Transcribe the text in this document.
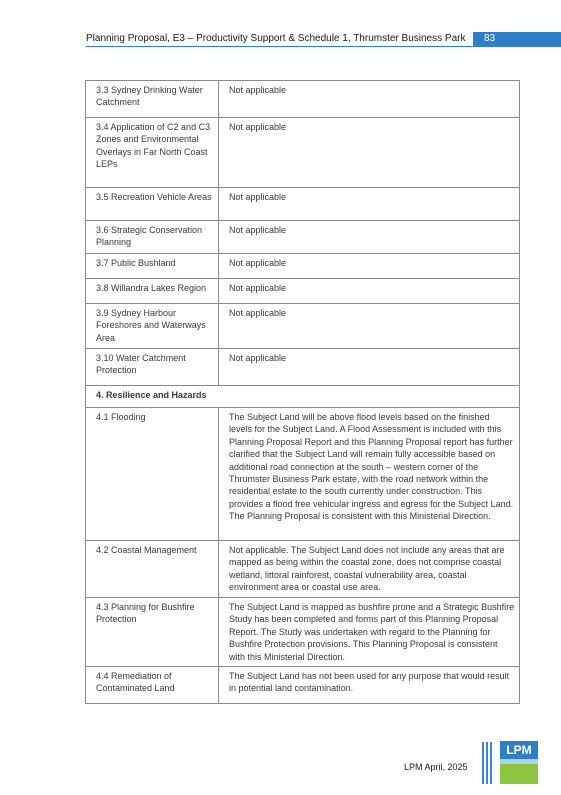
Planning Proposal, E3 – Productivity Support & Schedule 1, Thrumster Business Park	83
3.3 Sydney Drinking Water Catchment	Not applicable
3.4 Application of C2 and C3 Zones and Environmental Overlays in Far North Coast LEPs	Not applicable
3.5 Recreation Vehicle Areas	Not applicable
3.6 Strategic Conservation Planning	Not applicable
3.7 Public Bushland	Not applicable
3.8 Willandra Lakes Region	Not applicable
3.9 Sydney Harbour Foreshores and Waterways Area	Not applicable
3.10 Water Catchment Protection	Not applicable
4. Resilience and Hazards	
4.1 Flooding	The Subject Land will be above flood levels based on the finished levels for the Subject Land. A Flood Assessment is included with this Planning Proposal Report and this Planning Proposal report has further clarified that the Subject Land will remain fully accessible based on additional road connection at the south – western corner of the Thrumster Business Park estate, with the road network within the residential estate to the south currently under construction. This provides a flood free vehicular ingress and egress for the Subject Land. The Planning Proposal is consistent with this Ministerial Direction.
4.2 Coastal Management	Not applicable. The Subject Land does not include any areas that are mapped as being within the coastal zone, does not comprise coastal wetland, littoral rainforest, coastal vulnerability area, coastal environment area or coastal use area.
4.3 Planning for Bushfire Protection	The Subject Land is mapped as bushfire prone and a Strategic Bushfire Study has been completed and forms part of this Planning Proposal Report. The Study was undertaken with regard to the Planning for Bushfire Protection provisions. This Planning Proposal is consistent with this Ministerial Direction.
4.4 Remediation of Contaminated Land	The Subject Land has not been used for any purpose that would result in potential land contamination.
LPM April, 2025
LPM
